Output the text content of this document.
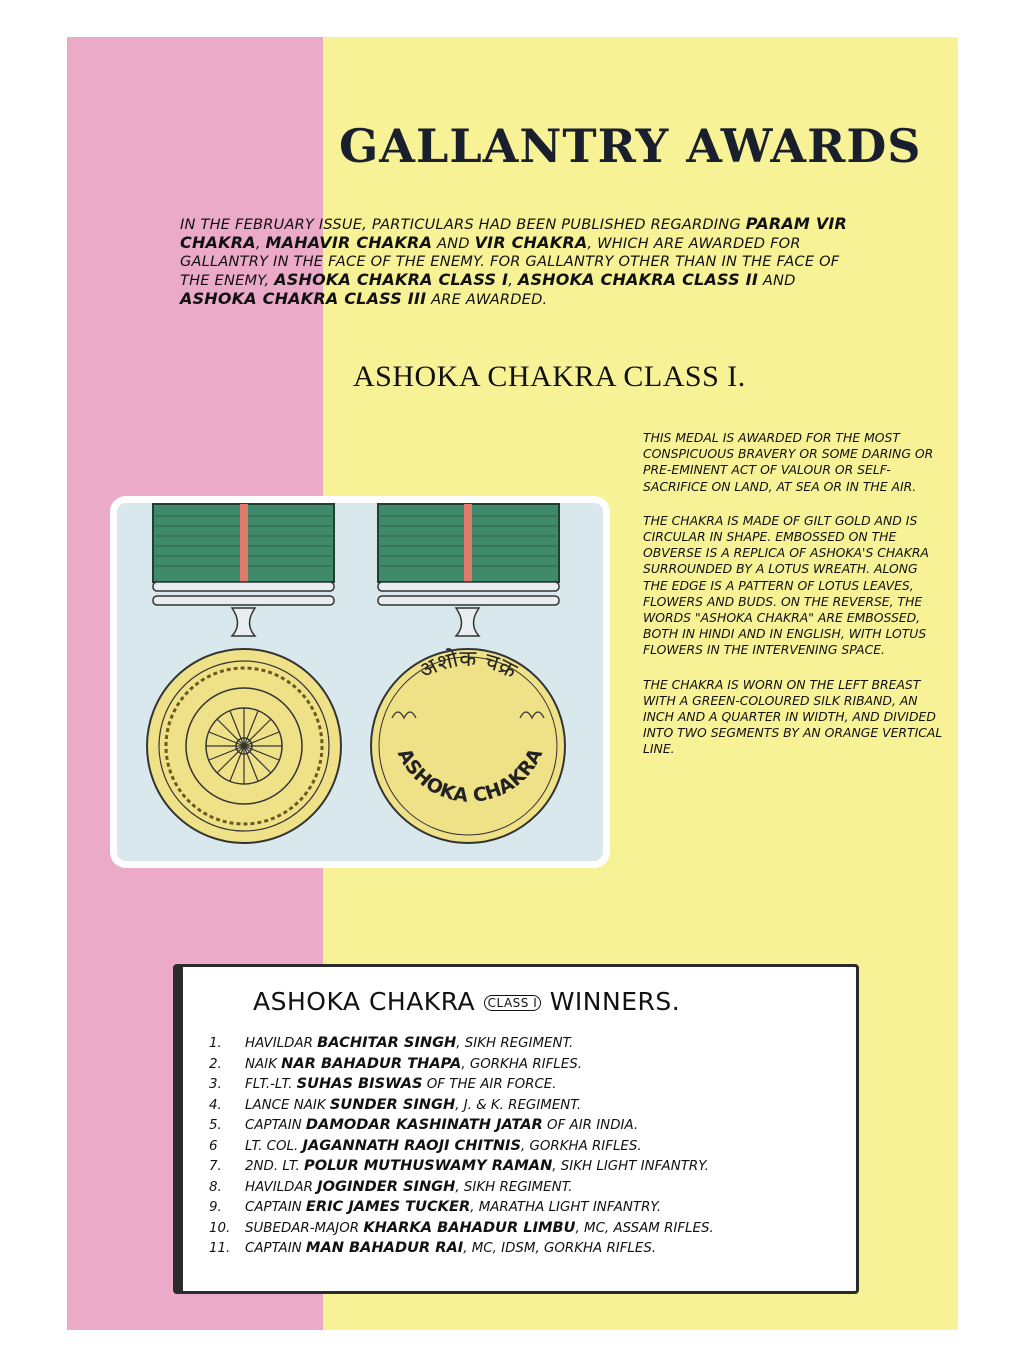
GALLANTRY AWARDS
IN THE FEBRUARY ISSUE, PARTICULARS HAD BEEN PUBLISHED REGARDING PARAM VIR CHAKRA, MAHAVIR CHAKRA AND VIR CHAKRA, WHICH ARE AWARDED FOR GALLANTRY IN THE FACE OF THE ENEMY. FOR GALLANTRY OTHER THAN IN THE FACE OF THE ENEMY, ASHOKA CHAKRA CLASS I, ASHOKA CHAKRA CLASS II AND ASHOKA CHAKRA CLASS III ARE AWARDED.
ASHOKA CHAKRA CLASS I.

THIS MEDAL IS AWARDED FOR THE MOST CONSPICUOUS BRAVERY OR SOME DARING OR PRE-EMINENT ACT OF VALOUR OR SELF-SACRIFICE ON LAND, AT SEA OR IN THE AIR.

THE CHAKRA IS MADE OF GILT GOLD AND IS CIRCULAR IN SHAPE. EMBOSSED ON THE OBVERSE IS A REPLICA OF ASHOKA'S CHAKRA SURROUNDED BY A LOTUS WREATH. ALONG THE EDGE IS A PATTERN OF LOTUS LEAVES, FLOWERS AND BUDS. ON THE REVERSE, THE WORDS "ASHOKA CHAKRA" ARE EMBOSSED, BOTH IN HINDI AND IN ENGLISH, WITH LOTUS FLOWERS IN THE INTERVENING SPACE.

THE CHAKRA IS WORN ON THE LEFT BREAST WITH A GREEN-COLOURED SILK RIBAND, AN INCH AND A QUARTER IN WIDTH, AND DIVIDED INTO TWO SEGMENTS BY AN ORANGE VERTICAL LINE.

अशोक चक्र
ASHOKA CHAKRA
ASHOKA CHAKRA CLASS I WINNERS.
1. HAVILDAR BACHITAR SINGH, SIKH REGIMENT.
2. NAIK NAR BAHADUR THAPA, GORKHA RIFLES.
3. FLT.-LT. SUHAS BISWAS OF THE AIR FORCE.
4. LANCE NAIK SUNDER SINGH, J. & K. REGIMENT.
5. CAPTAIN DAMODAR KASHINATH JATAR OF AIR INDIA.
6 LT. COL. JAGANNATH RAOJI CHITNIS, GORKHA RIFLES.
7. 2ND. LT. POLUR MUTHUSWAMY RAMAN, SIKH LIGHT INFANTRY.
8. HAVILDAR JOGINDER SINGH, SIKH REGIMENT.
9. CAPTAIN ERIC JAMES TUCKER, MARATHA LIGHT INFANTRY.
10. SUBEDAR-MAJOR KHARKA BAHADUR LIMBU, MC, ASSAM RIFLES.
11. CAPTAIN MAN BAHADUR RAI, MC, IDSM, GORKHA RIFLES.
